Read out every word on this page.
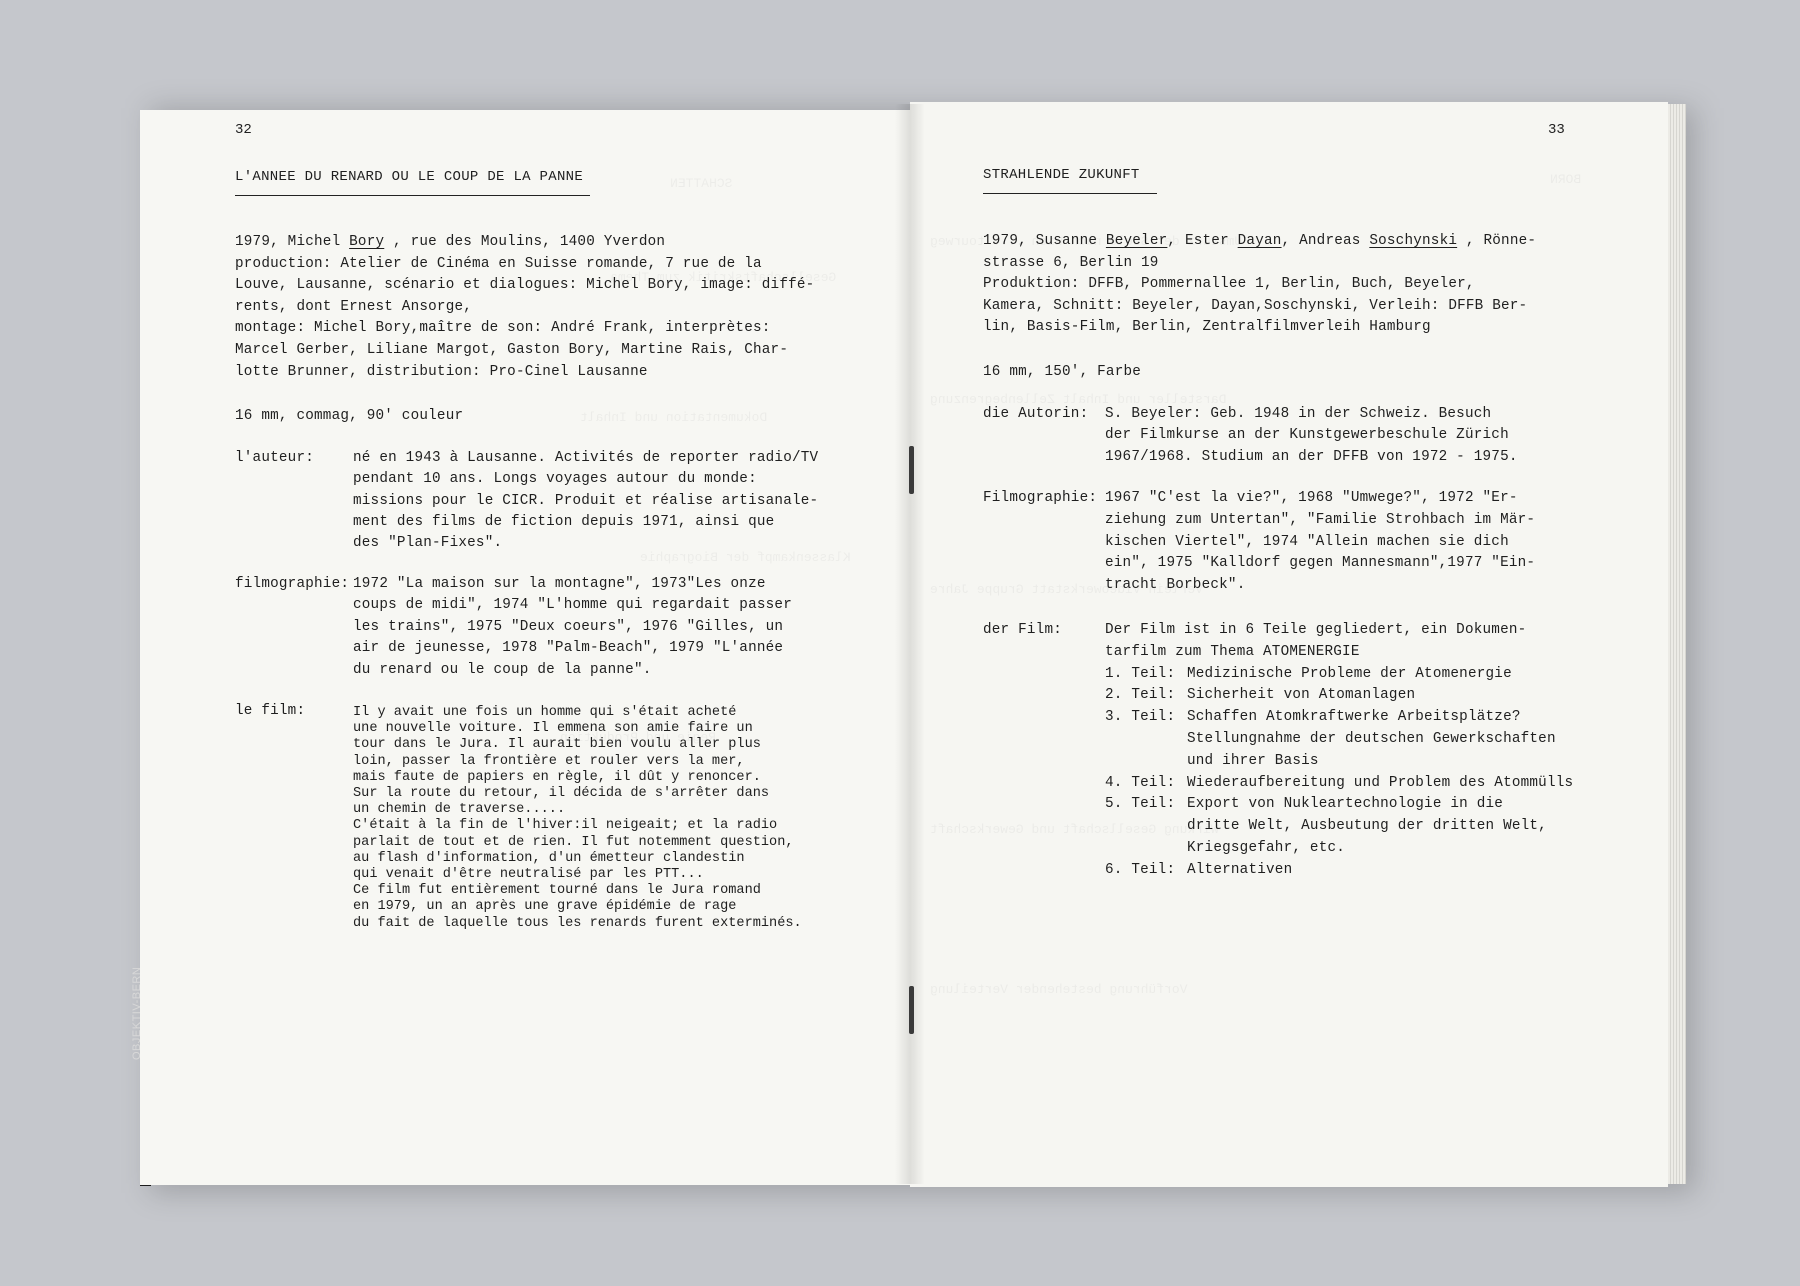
32
L'ANNEE DU RENARD OU LE COUP DE LA PANNE
1979, Michel Bory , rue des Moulins, 1400 Yverdon
production: Atelier de Cinéma en Suisse romande, 7 rue de la
Louve, Lausanne, scénario et dialogues: Michel Bory, image: diffé-
rents, dont Ernest Ansorge,
montage: Michel Bory,maître de son: André Frank, interprètes:
Marcel Gerber, Liliane Margot, Gaston Bory, Martine Rais, Char-
lotte Brunner, distribution: Pro-Cinel Lausanne
16 mm, commag, 90' couleur
l'auteur:	né en 1943 à Lausanne. Activités de reporter radio/TV
pendant 10 ans. Longs voyages autour du monde:
missions pour le CICR. Produit et réalise artisanale-
ment des films de fiction depuis 1971, ainsi que
des "Plan-Fixes".
filmographie: 1972 "La maison sur la montagne", 1973"Les onze
coups de midi", 1974 "L'homme qui regardait passer
les trains", 1975 "Deux coeurs", 1976 "Gilles, un
air de jeunesse, 1978 "Palm-Beach", 1979 "L'année
du renard ou le coup de la panne".
le film:	Il y avait une fois un homme qui s'était acheté
une nouvelle voiture. Il emmena son amie faire un
tour dans le Jura. Il aurait bien voulu aller plus
loin, passer la frontière et rouler vers la mer,
mais faute de papiers en règle, il dût y renoncer.
Sur la route du retour, il décida de s'arrêter dans
un chemin de traverse.....
C'était à la fin de l'hiver:il neigeait; et la radio
parlait de tout et de rien. Il fut notemment question,
au flash d'information, d'un émetteur clandestin
qui venait d'être neutralisé par les PTT...
Ce film fut entièrement tourné dans le Jura romand
en 1979, un an après une grave épidémie de rage
du fait de laquelle tous les renards furent exterminés.
33
STRAHLENDE ZUKUNFT
1979, Susanne Beyeler, Ester Dayan, Andreas Soschynski , Rönne-
strasse 6, Berlin 19
Produktion: DFFB, Pommernallee 1, Berlin, Buch, Beyeler,
Kamera, Schnitt: Beyeler, Dayan,Soschynski, Verleih: DFFB Ber-
lin, Basis-Film, Berlin, Zentralfilmverleih Hamburg
16 mm, 150', Farbe
die Autorin: S. Beyeler: Geb. 1948 in der Schweiz. Besuch
der Filmkurse an der Kunstgewerbeschule Zürich
1967/1968. Studium an der DFFB von 1972 - 1975.
Filmographie: 1967 "C'est la vie?", 1968 "Umwege?", 1972 "Er-
ziehung zum Untertan", "Familie Strohbach im Mär-
kischen Viertel", 1974 "Allein machen sie dich
ein", 1975 "Kalldorf gegen Mannesmann",1977 "Ein-
tracht Borbeck".
der Film:	Der Film ist in 6 Teile gegliedert, ein Dokumen-
tarfilm zum Thema ATOMENERGIE
1. Teil: Medizinische Probleme der Atomenergie
2. Teil: Sicherheit von Atomanlagen
3. Teil: Schaffen Atomkraftwerke Arbeitsplätze?
Stellungnahme der deutschen Gewerkschaften
und ihrer Basis
4. Teil: Wiederaufbereitung und Problem des Atommülls
5. Teil: Export von Nukleartechnologie in die
dritte Welt, Ausbeutung der dritten Welt,
Kriegsgefahr, etc.
6. Teil: Alternativen
OBJEKTIV-BERN
